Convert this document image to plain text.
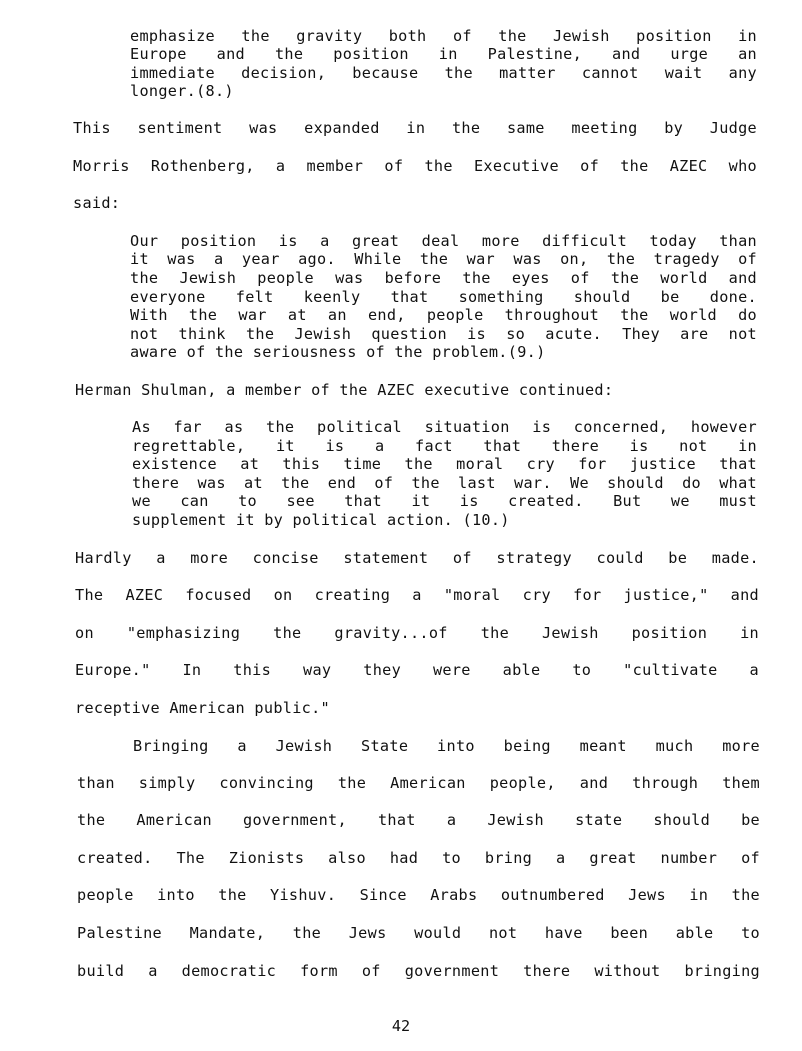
emphasize the gravity both of the Jewish position in

Europe and the position in Palestine, and urge an

immediate decision, because the matter cannot wait any

longer.(8.)

This sentiment was expanded in the same meeting by Judge

Morris Rothenberg, a member of the Executive of the AZEC who

said:

Our position is a great deal more difficult today than

it was a year ago. While the war was on, the tragedy of

the Jewish people was before the eyes of the world and

everyone felt keenly that something should be done.

With the war at an end, people throughout the world do

not think the Jewish question is so acute. They are not

aware of the seriousness of the problem.(9.)

Herman Shulman, a member of the AZEC executive continued:

As far as the political situation is concerned, however

regrettable, it is a fact that there is not in

existence at this time the moral cry for justice that

there was at the end of the last war. We should do what

we can to see that it is created. But we must

supplement it by political action. (10.)

Hardly a more concise statement of strategy could be made.

The AZEC focused on creating a "moral cry for justice," and

on "emphasizing the gravity...of the Jewish position in

Europe." In this way they were able to "cultivate a

receptive American public."

Bringing a Jewish State into being meant much more

than simply convincing the American people, and through them

the American government, that a Jewish state should be

created. The Zionists also had to bring a great number of

people into the Yishuv. Since Arabs outnumbered Jews in the

Palestine Mandate, the Jews would not have been able to

build a democratic form of government there without bringing

42
